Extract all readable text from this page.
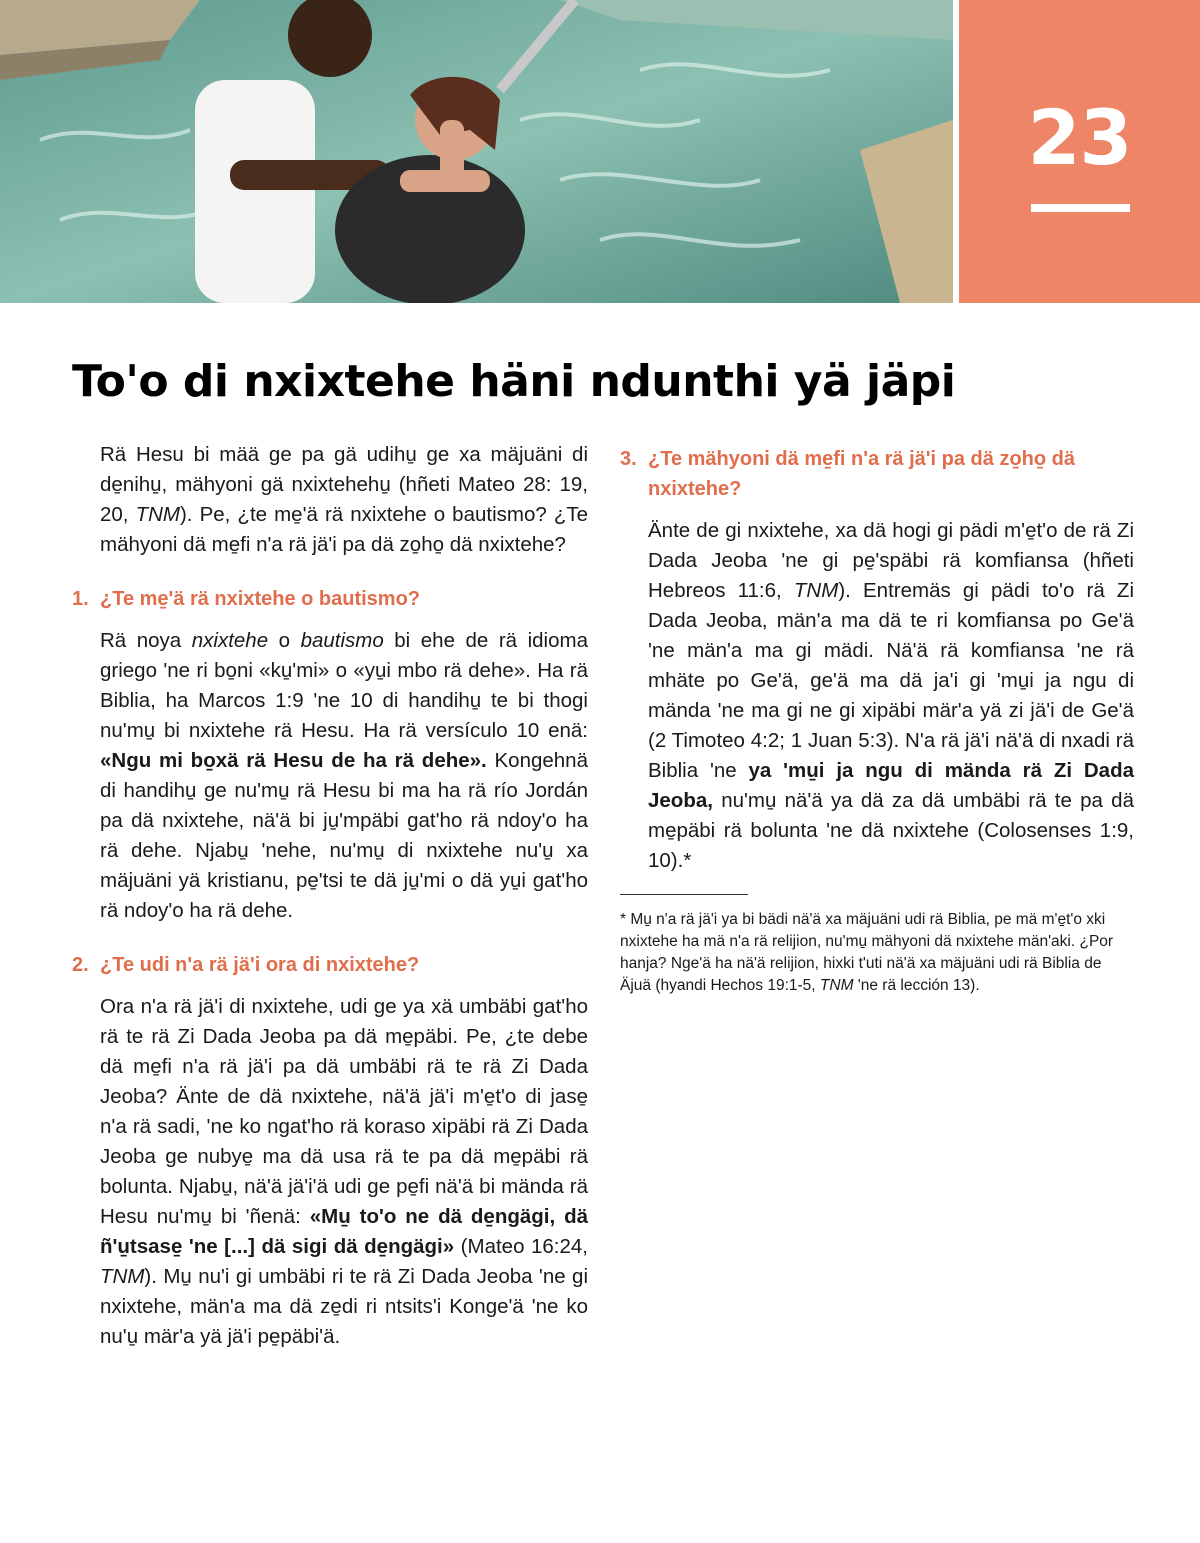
23
To'o di nxixtehe häni ndunthi yä jäpi

Rä Hesu bi mää ge pa gä udihu̱ ge xa mäjuäni di de̱nihu̱, mähyoni gä nxixtehehu̱ (hñeti Mateo 28: 19, 20, TNM). Pe, ¿te me̱'ä rä nxixtehe o bautismo? ¿Te mähyoni dä me̱fi n'a rä jä'i pa dä zo̱ho̱ dä nxixtehe?

1. ¿Te me̱'ä rä nxixtehe o bautismo?

Rä noya nxixtehe o bautismo bi ehe de rä idioma griego 'ne ri bo̱ni «ku̱'mi» o «yu̱i mbo rä dehe». Ha rä Biblia, ha Marcos 1:9 'ne 10 di handihu̱ te bi thogi nu'mu̱ bi nxixtehe rä Hesu. Ha rä versículo 10 enä: «Ngu mi bo̱xä rä Hesu de ha rä dehe». Kongehnä di handihu̱ ge nu'mu̱ rä Hesu bi ma ha rä río Jordán pa dä nxixtehe, nä'ä bi ju̱'mpäbi gat'ho rä ndoy'o ha rä dehe. Njabu̱ 'nehe, nu'mu̱ di nxixtehe nu'u̱ xa mäjuäni yä kristianu, pe̱'tsi te dä ju̱'mi o dä yu̱i gat'ho rä ndoy'o ha rä dehe.

2. ¿Te udi n'a rä jä'i ora di nxixtehe?

Ora n'a rä jä'i di nxixtehe, udi ge ya xä umbäbi gat'ho rä te rä Zi Dada Jeoba pa dä me̱päbi. Pe, ¿te debe dä me̱fi n'a rä jä'i pa dä umbäbi rä te rä Zi Dada Jeoba? Änte de dä nxixtehe, nä'ä jä'i m'e̱t'o di jase̱ n'a rä sadi, 'ne ko ngat'ho rä koraso xipäbi rä Zi Dada Jeoba ge nubye̱ ma dä usa rä te pa dä me̱päbi rä bolunta. Njabu̱, nä'ä jä'i'ä udi ge pe̱fi nä'ä bi mända rä Hesu nu'mu̱ bi 'ñenä: «Mu̱ to'o ne dä de̱ngägi, dä ñ'u̱tsase̱ 'ne [...] dä sigi dä de̱ngägi» (Mateo 16:24, TNM). Mu̱ nu'i gi umbäbi ri te rä Zi Dada Jeoba 'ne gi nxixtehe, män'a ma dä ze̱di ri ntsits'i Konge'ä 'ne ko nu'u̱ mär'a yä jä'i pe̱päbi'ä.

3. ¿Te mähyoni dä me̱fi n'a rä jä'i pa dä zo̱ho̱ dä nxixtehe?

Änte de gi nxixtehe, xa dä hogi gi pädi m'e̱t'o de rä Zi Dada Jeoba 'ne gi pe̱'späbi rä komfiansa (hñeti Hebreos 11:6, TNM). Entremäs gi pädi to'o rä Zi Dada Jeoba, män'a ma dä te ri komfiansa po Ge'ä 'ne män'a ma gi mädi. Nä'ä rä komfiansa 'ne rä mhäte po Ge'ä, ge'ä ma dä ja'i gi 'mu̱i ja ngu di mända 'ne ma gi ne gi xipäbi mär'a yä zi jä'i de Ge'ä (2 Timoteo 4:2; 1 Juan 5:3). N'a rä jä'i nä'ä di nxadi rä Biblia 'ne ya 'mu̱i ja ngu di mända rä Zi Dada Jeoba, nu'mu̱ nä'ä ya dä za dä umbäbi rä te pa dä me̱päbi rä bolunta 'ne dä nxixtehe (Colosenses 1:9, 10).*

* Mu̱ n'a rä jä'i ya bi bädi nä'ä xa mäjuäni udi rä Biblia, pe mä m'e̱t'o xki nxixtehe ha mä n'a rä relijion, nu'mu̱ mähyoni dä nxixtehe män'aki. ¿Por hanja? Nge'ä ha nä'ä relijion, hixki t'uti nä'ä xa mäjuäni udi rä Biblia de Äjuä (hyandi Hechos 19:1-5, TNM 'ne rä lección 13).
